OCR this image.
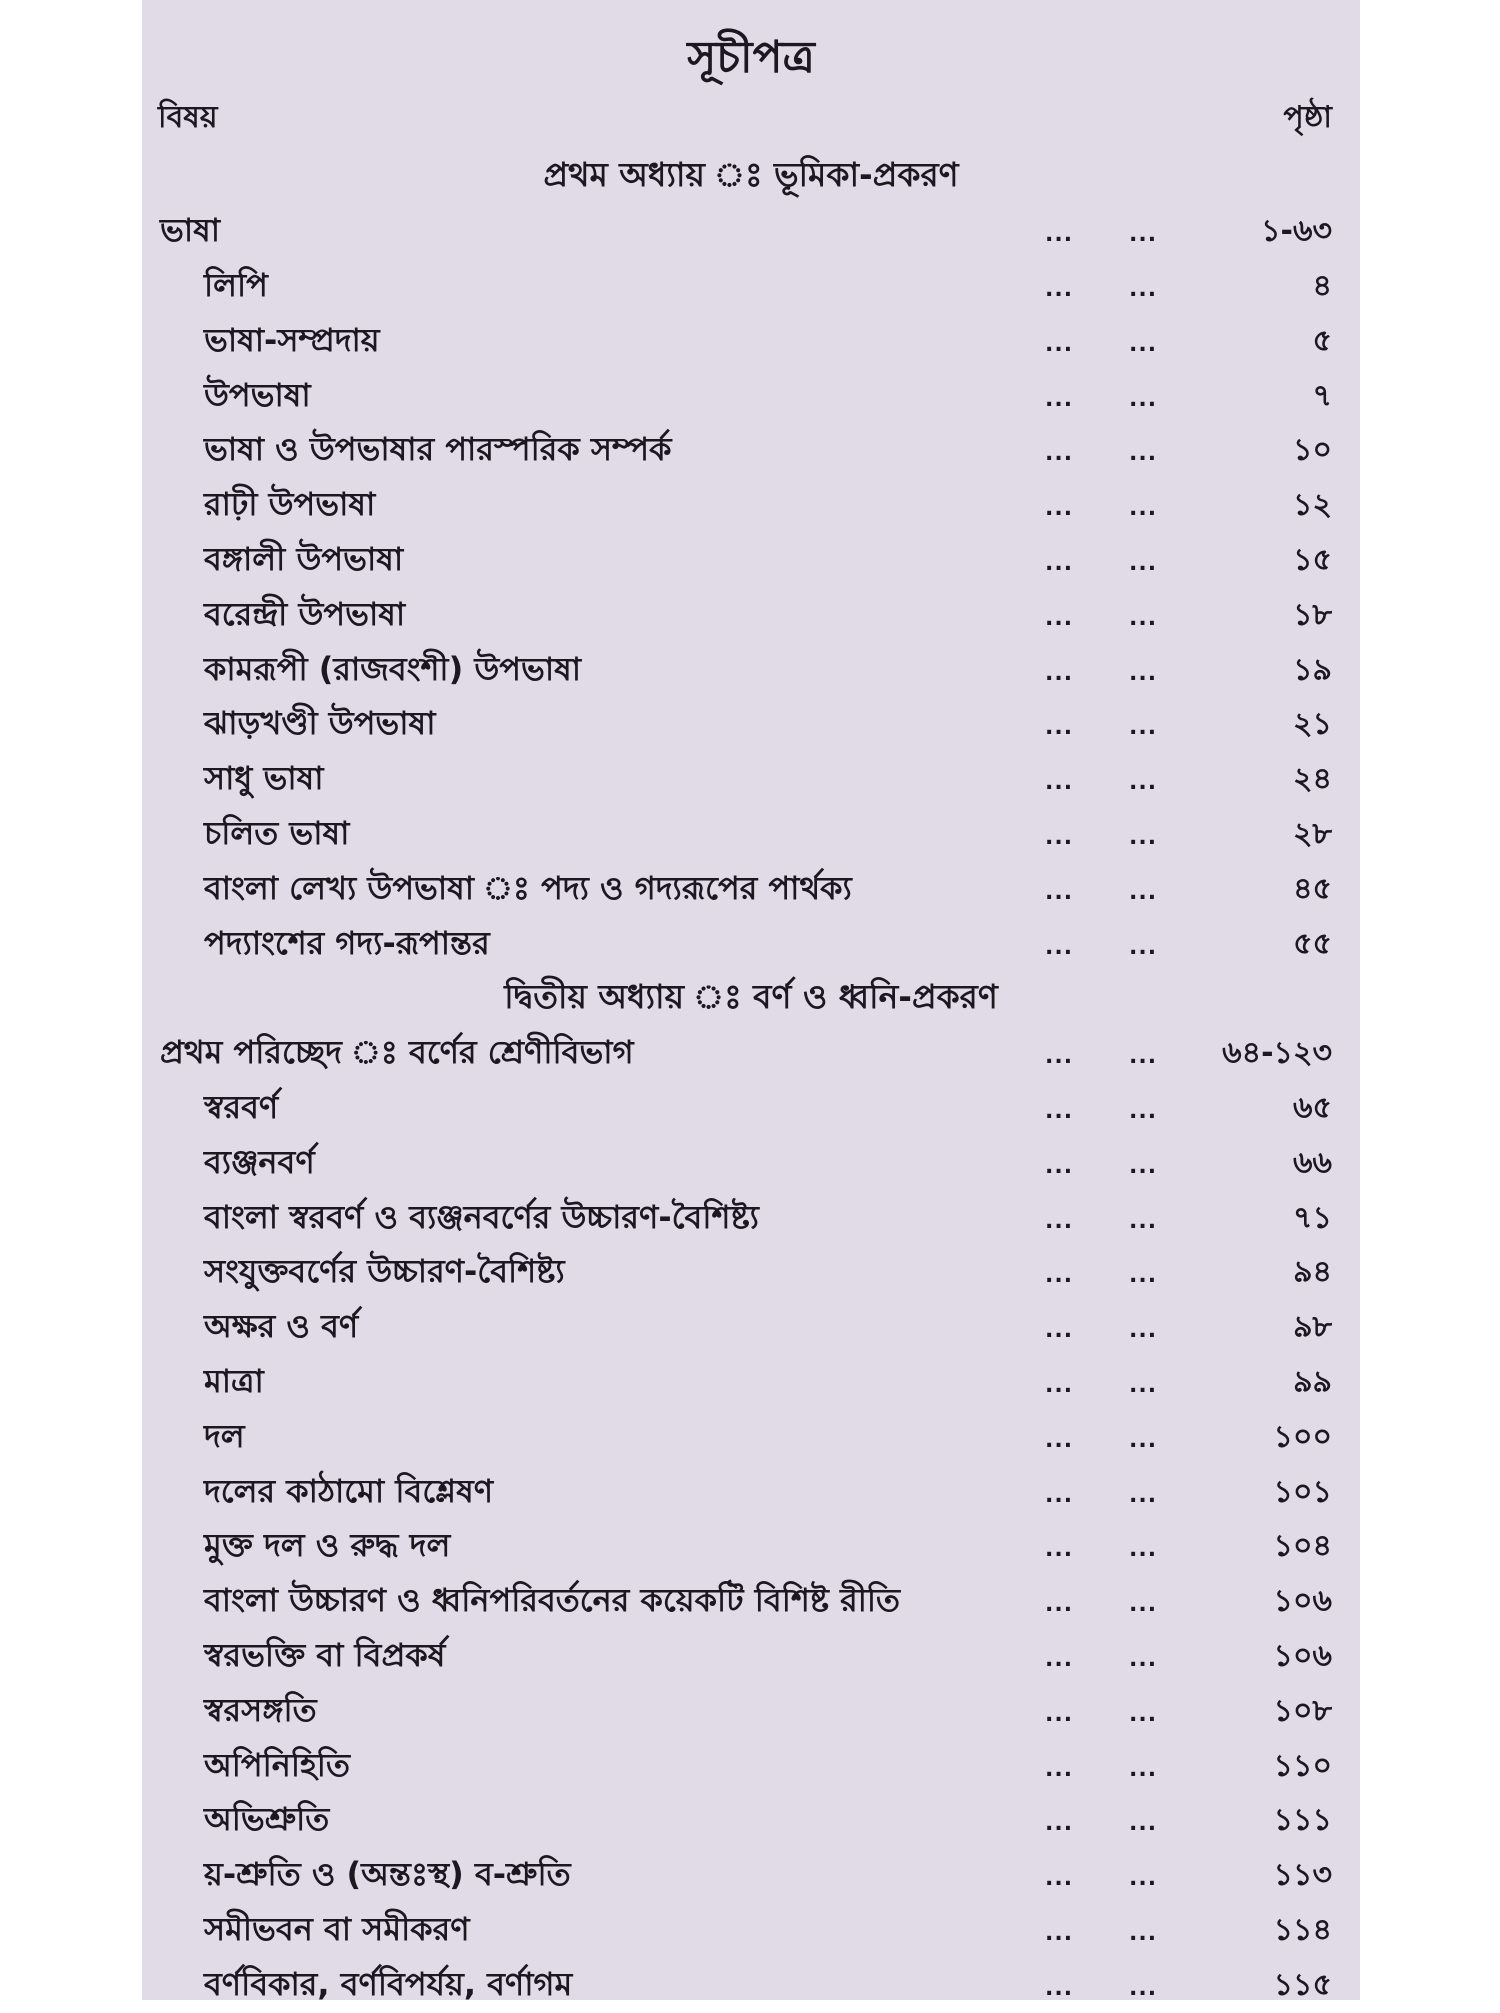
সূচীপত্র
বিষয়	পৃষ্ঠা
প্রথম অধ্যায় ঃ ভূমিকা-প্রকরণ
ভাষা	...	...	১-৬৩
লিপি	...	...	৪
ভাষা-সম্প্রদায়	...	...	৫
উপভাষা	...	...	৭
ভাষা ও উপভাষার পারস্পরিক সম্পর্ক	...	...	১০
রাঢ়ী উপভাষা	...	...	১২
বঙ্গালী উপভাষা	...	...	১৫
বরেন্দ্রী উপভাষা	...	...	১৮
কামরূপী (রাজবংশী) উপভাষা	...	...	১৯
ঝাড়খণ্ডী উপভাষা	...	...	২১
সাধু ভাষা	...	...	২৪
চলিত ভাষা	...	...	২৮
বাংলা লেখ্য উপভাষা ঃ পদ্য ও গদ্যরূপের পার্থক্য	...	...	৪৫
পদ্যাংশের গদ্য-রূপান্তর	...	...	৫৫
দ্বিতীয় অধ্যায় ঃ বর্ণ ও ধ্বনি-প্রকরণ
প্রথম পরিচ্ছেদ ঃ বর্ণের শ্রেণীবিভাগ	...	... ৬৪-১২৩
স্বরবর্ণ	...	...	৬৫
ব্যঞ্জনবর্ণ	...	...	৬৬
বাংলা স্বরবর্ণ ও ব্যঞ্জনবর্ণের উচ্চারণ-বৈশিষ্ট্য	...	...	৭১
সংযুক্তবর্ণের উচ্চারণ-বৈশিষ্ট্য	...	...	৯৪
অক্ষর ও বর্ণ	...	...	৯৮
মাত্রা	...	...	৯৯
দল	...	...	১০০
দলের কাঠামো বিশ্লেষণ	...	...	১০১
মুক্ত দল ও রুদ্ধ দল	...	...	১০৪
বাংলা উচ্চারণ ও ধ্বনিপরিবর্তনের কয়েকটি বিশিষ্ট রীতি	...	...	১০৬
স্বরভক্তি বা বিপ্রকর্ষ	...	...	১০৬
স্বরসঙ্গতি	...	...	১০৮
অপিনিহিতি	...	...	১১০
অভিশ্রুতি	...	...	১১১
য়-শ্রুতি ও (অন্তঃস্থ) ব-শ্রুতি	...	...	১১৩
সমীভবন বা সমীকরণ	...	...	১১৪
বর্ণবিকার, বর্ণবিপর্যয়, বর্ণাগম	...	...	১১৫
